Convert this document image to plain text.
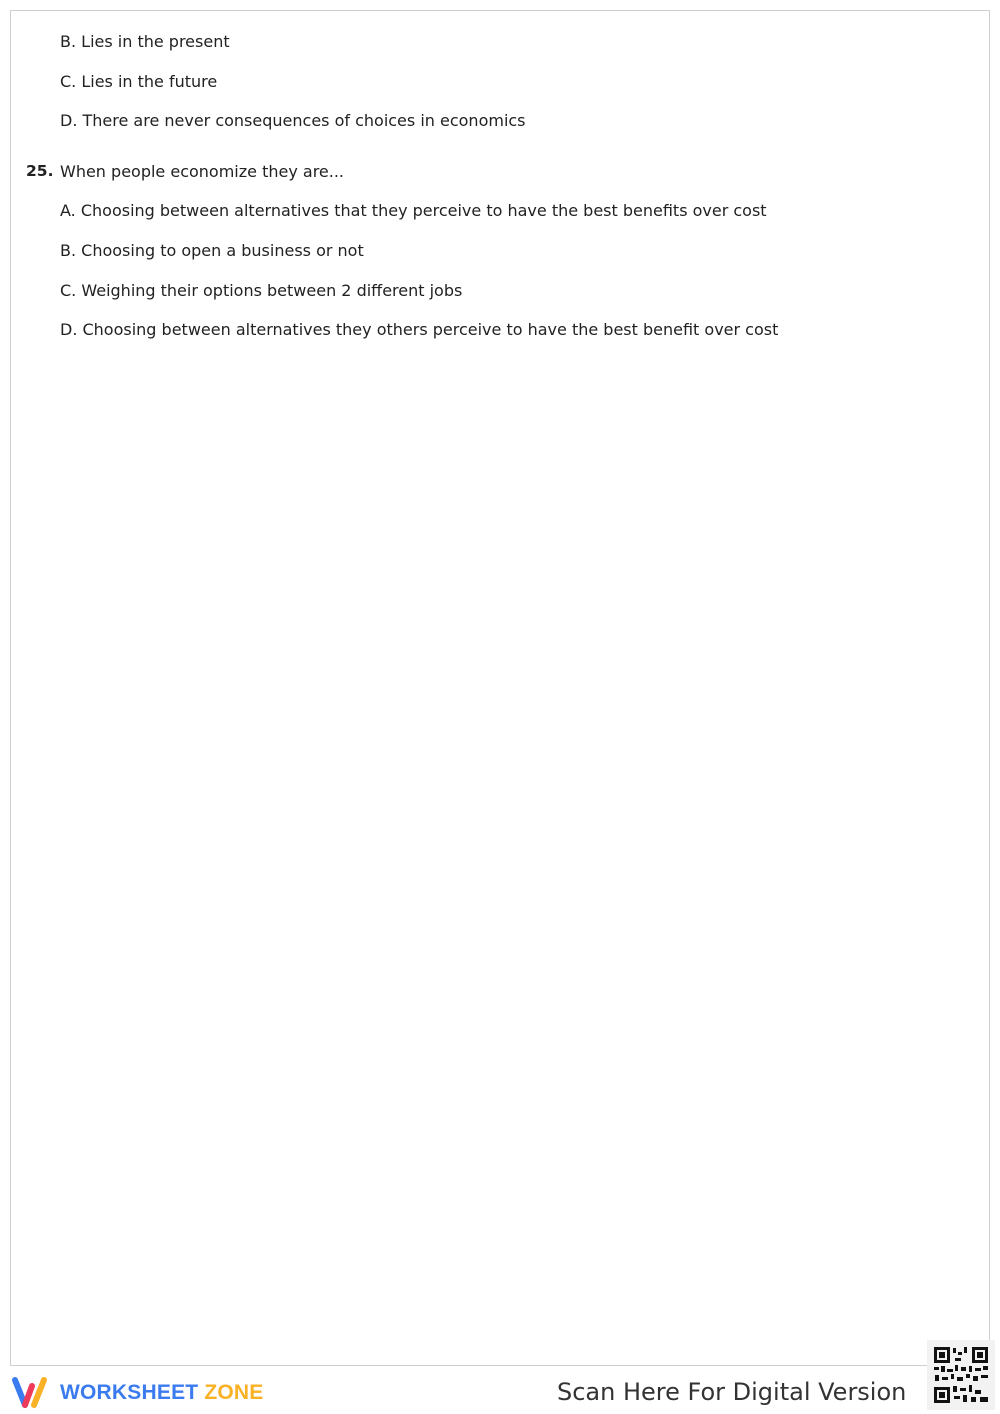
B. Lies in the present
C. Lies in the future
D. There are never consequences of choices in economics
25. When people economize they are...
A. Choosing between alternatives that they perceive to have the best benefits over cost
B. Choosing to open a business or not
C. Weighing their options between 2 different jobs
D. Choosing between alternatives they others perceive to have the best benefit over cost
WORKSHEET ZONE	Scan Here For Digital Version
